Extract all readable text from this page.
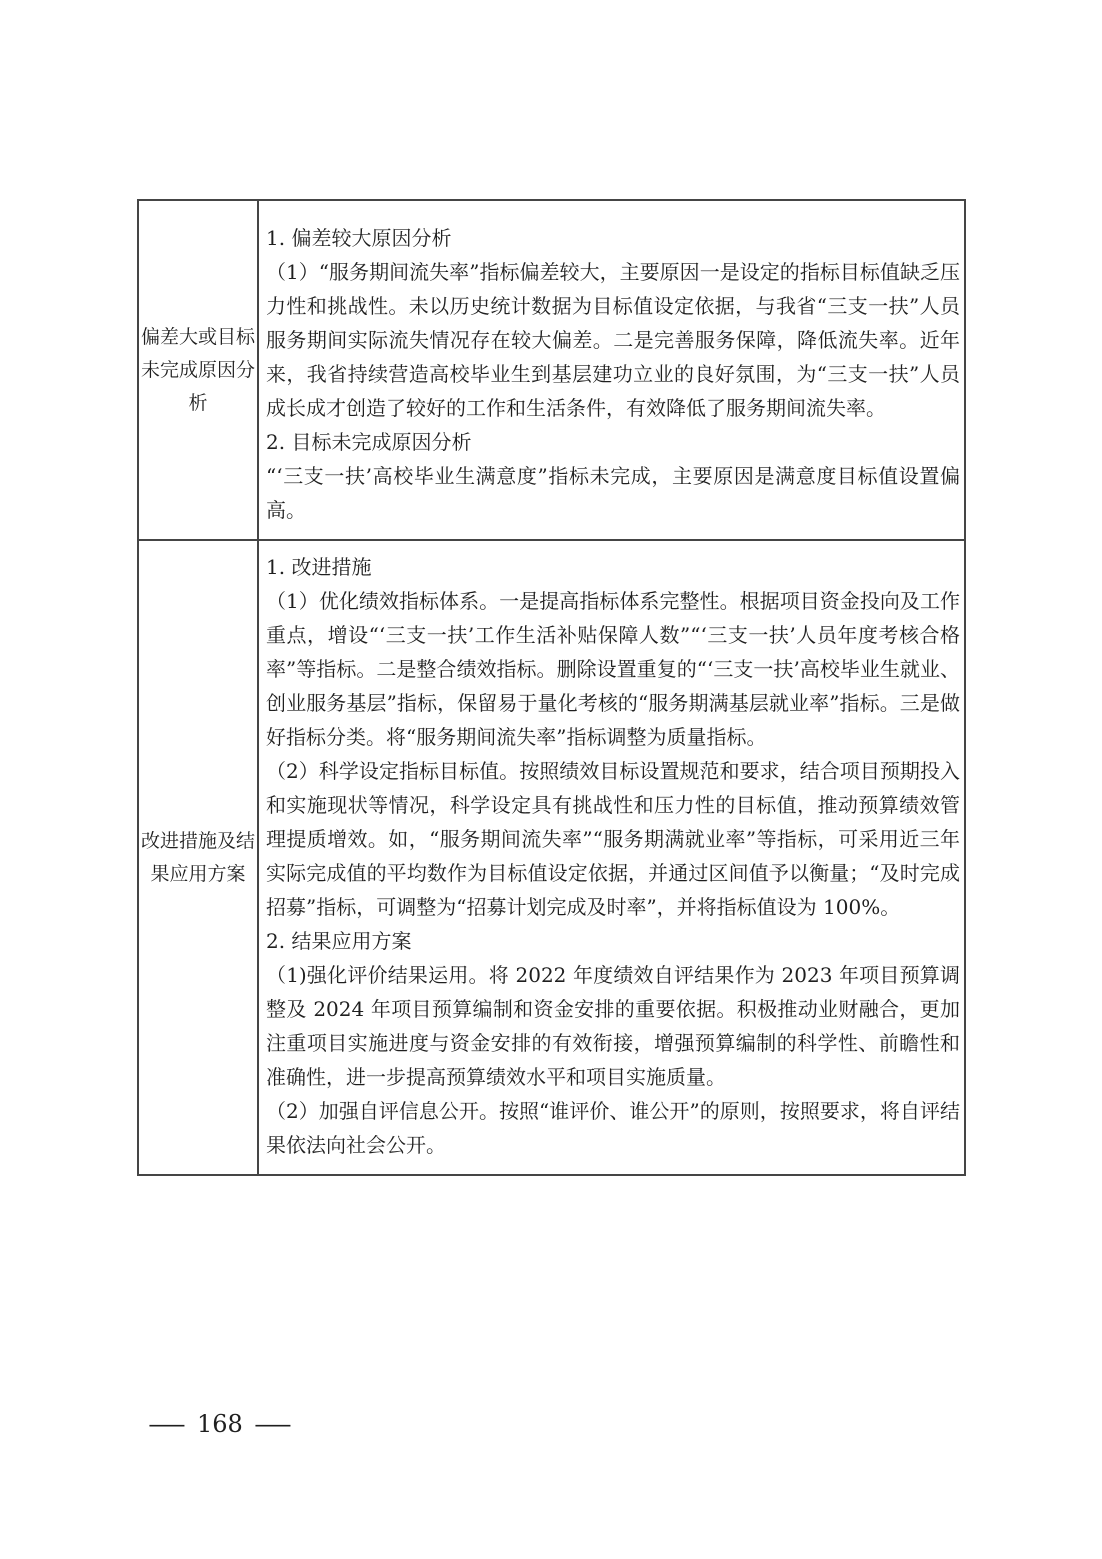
偏差大或目标未完成原因分析

1. 偏差较大原因分析

（1）“服务期间流失率”指标偏差较大，主要原因一是设定的指标目标值缺乏压力性和挑战性。未以历史统计数据为目标值设定依据，与我省“三支一扶”人员服务期间实际流失情况存在较大偏差。二是完善服务保障，降低流失率。近年来，我省持续营造高校毕业生到基层建功立业的良好氛围，为“三支一扶”人员成长成才创造了较好的工作和生活条件，有效降低了服务期间流失率。

2. 目标未完成原因分析

“‘三支一扶’高校毕业生满意度”指标未完成，主要原因是满意度目标值设置偏高。

改进措施及结果应用方案

1. 改进措施

（1）优化绩效指标体系。一是提高指标体系完整性。根据项目资金投向及工作重点，增设“‘三支一扶’工作生活补贴保障人数”“‘三支一扶’人员年度考核合格率”等指标。二是整合绩效指标。删除设置重复的“‘三支一扶’高校毕业生就业、创业服务基层”指标，保留易于量化考核的“服务期满基层就业率”指标。三是做好指标分类。将“服务期间流失率”指标调整为质量指标。

（2）科学设定指标目标值。按照绩效目标设置规范和要求，结合项目预期投入和实施现状等情况，科学设定具有挑战性和压力性的目标值，推动预算绩效管理提质增效。如，“服务期间流失率”“服务期满就业率”等指标，可采用近三年实际完成值的平均数作为目标值设定依据，并通过区间值予以衡量；“及时完成招募”指标，可调整为“招募计划完成及时率”，并将指标值设为 100%。

2. 结果应用方案

（1)强化评价结果运用。将 2022 年度绩效自评结果作为 2023 年项目预算调整及 2024 年项目预算编制和资金安排的重要依据。积极推动业财融合，更加注重项目实施进度与资金安排的有效衔接，增强预算编制的科学性、前瞻性和准确性，进一步提高预算绩效水平和项目实施质量。

（2）加强自评信息公开。按照“谁评价、谁公开”的原则，按照要求，将自评结果依法向社会公开。

— 168 —
